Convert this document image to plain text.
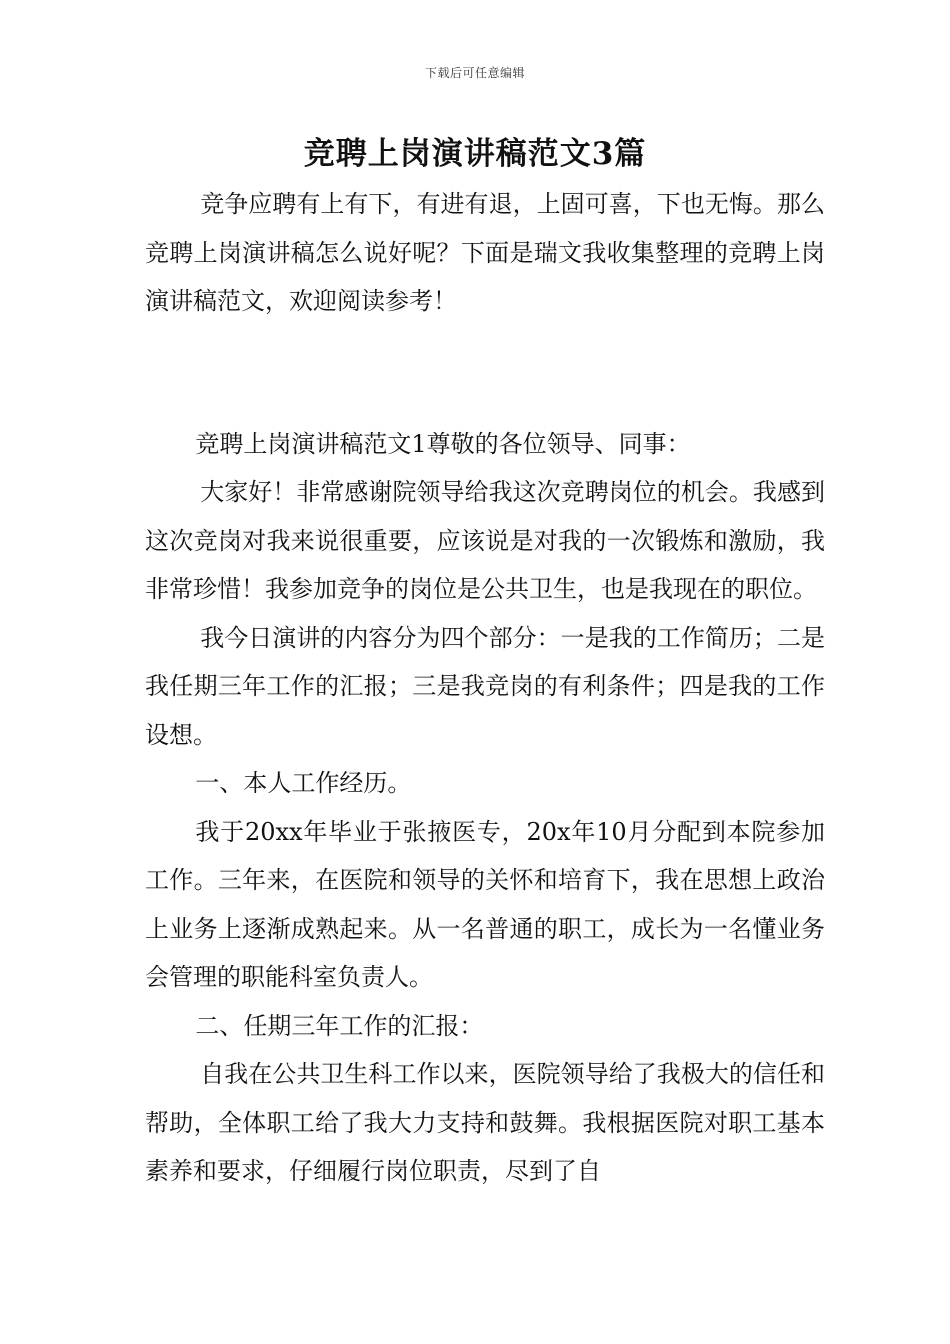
下载后可任意编辑
竞聘上岗演讲稿范文3篇

竞争应聘有上有下，有进有退，上固可喜，下也无悔。那么竞聘上岗演讲稿怎么说好呢？下面是瑞文我收集整理的竞聘上岗演讲稿范文，欢迎阅读参考！

竞聘上岗演讲稿范文1尊敬的各位领导、同事：

大家好！非常感谢院领导给我这次竞聘岗位的机会。我感到这次竞岗对我来说很重要，应该说是对我的一次锻炼和激励，我非常珍惜！我参加竞争的岗位是公共卫生，也是我现在的职位。

我今日演讲的内容分为四个部分：一是我的工作简历；二是我任期三年工作的汇报；三是我竞岗的有利条件；四是我的工作设想。

一、本人工作经历。

我于20xx年毕业于张掖医专，20x年10月分配到本院参加工作。三年来，在医院和领导的关怀和培育下，我在思想上政治上业务上逐渐成熟起来。从一名普通的职工，成长为一名懂业务会管理的职能科室负责人。

二、任期三年工作的汇报：

自我在公共卫生科工作以来，医院领导给了我极大的信任和帮助，全体职工给了我大力支持和鼓舞。我根据医院对职工基本素养和要求，仔细履行岗位职责，尽到了自
